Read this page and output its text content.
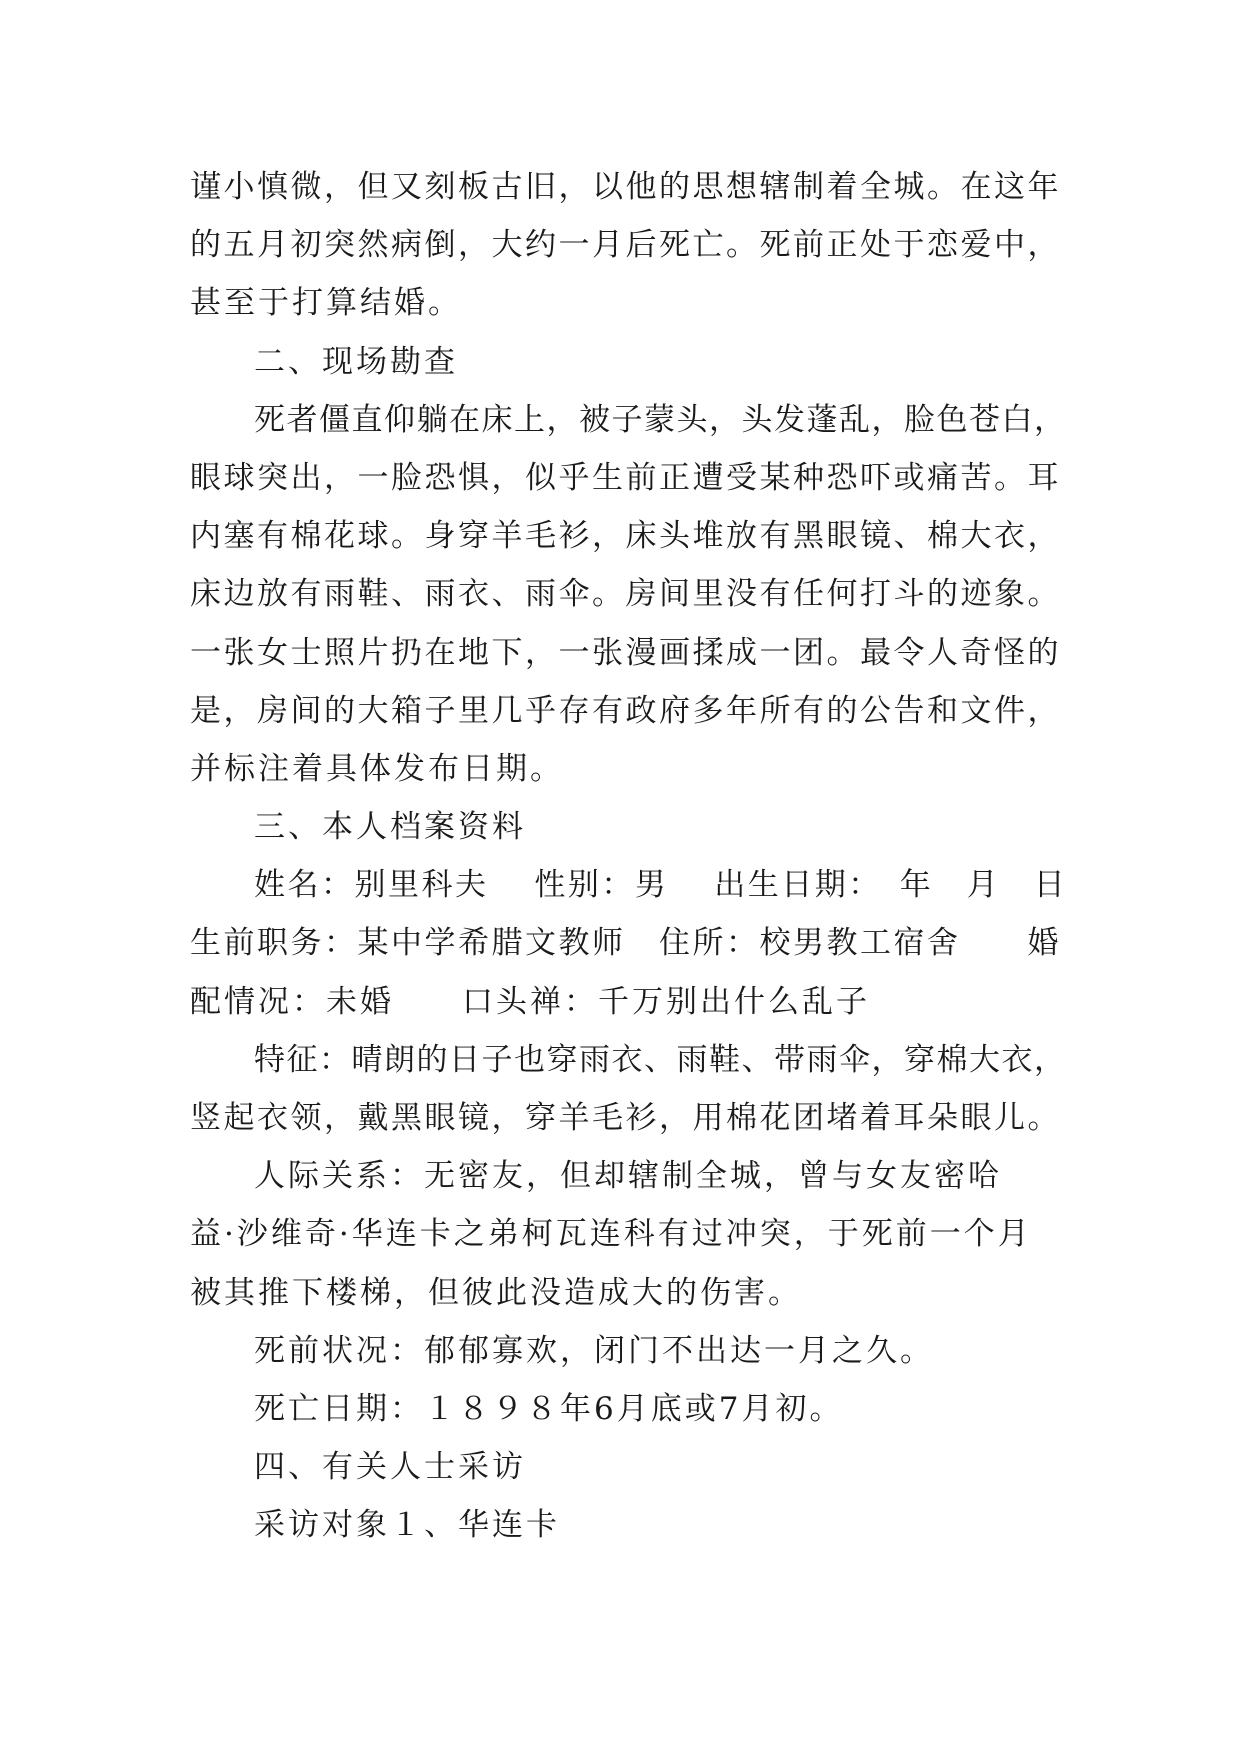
谨小慎微，但又刻板古旧，以他的思想辖制着全城。在这年
的五月初突然病倒，大约一月后死亡。死前正处于恋爱中，
甚至于打算结婚。
二、现场勘查
死者僵直仰躺在床上，被子蒙头，头发蓬乱，脸色苍白，
眼球突出，一脸恐惧，似乎生前正遭受某种恐吓或痛苦。耳
内塞有棉花球。身穿羊毛衫，床头堆放有黑眼镜、棉大衣，
床边放有雨鞋、雨衣、雨伞。房间里没有任何打斗的迹象。
一张女士照片扔在地下，一张漫画揉成一团。最令人奇怪的
是，房间的大箱子里几乎存有政府多年所有的公告和文件，
并标注着具体发布日期。
三、本人档案资料
姓名：别里科夫　 性别：男　 出生日期：　年　月　日
生前职务：某中学希腊文教师　住所：校男教工宿舍　　婚
配情况：未婚　　口头禅：千万别出什么乱子
特征：晴朗的日子也穿雨衣、雨鞋、带雨伞，穿棉大衣，
竖起衣领，戴黑眼镜，穿羊毛衫，用棉花团堵着耳朵眼儿。
人际关系：无密友，但却辖制全城，曾与女友密哈
益·沙维奇·华连卡之弟柯瓦连科有过冲突，于死前一个月
被其推下楼梯，但彼此没造成大的伤害。
死前状况：郁郁寡欢，闭门不出达一月之久。
死亡日期：１８９８年6月底或7月初。
四、有关人士采访
采访对象１、华连卡
